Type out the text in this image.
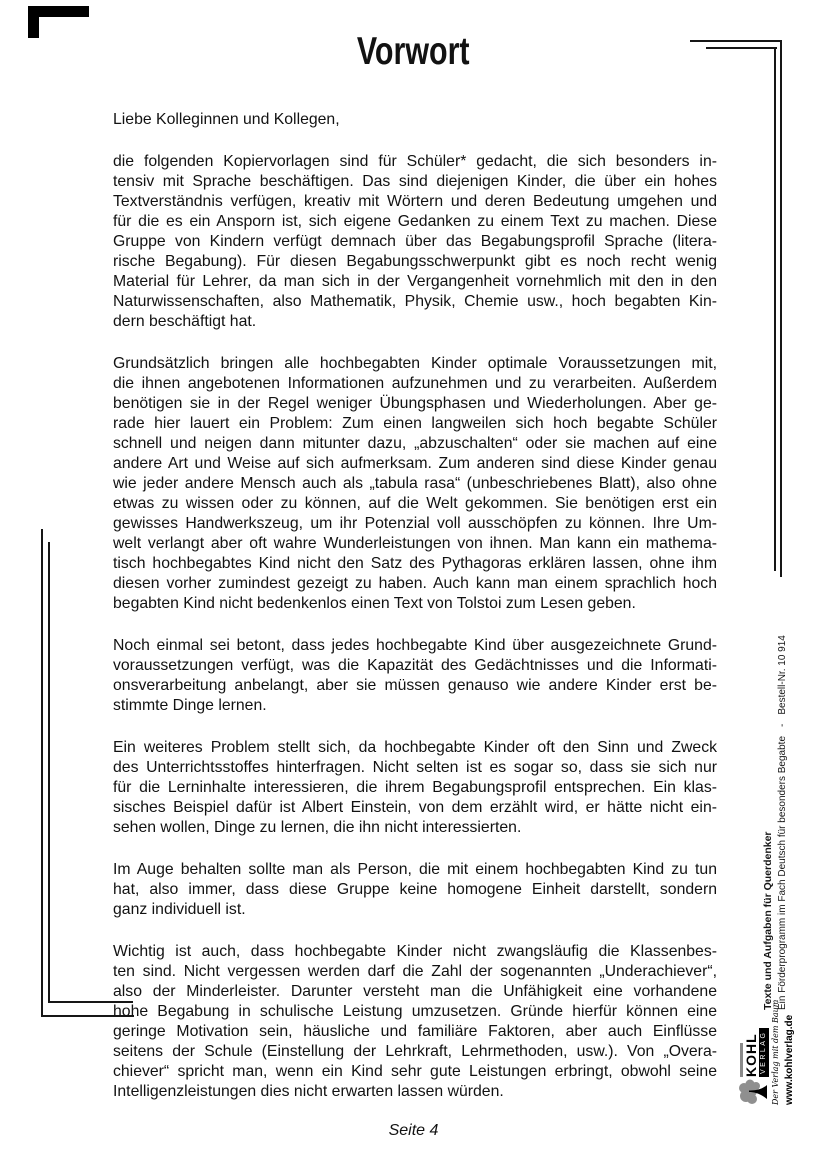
Vorwort
Liebe Kolleginnen und Kollegen,
die folgenden Kopiervorlagen sind für Schüler* gedacht, die sich besonders in-
tensiv mit Sprache beschäftigen. Das sind diejenigen Kinder, die über ein hohes
Textverständnis verfügen, kreativ mit Wörtern und deren Bedeutung umgehen und
für die es ein Ansporn ist, sich eigene Gedanken zu einem Text zu machen. Diese
Gruppe von Kindern verfügt demnach über das Begabungsprofil Sprache (litera-
rische Begabung). Für diesen Begabungsschwerpunkt gibt es noch recht wenig
Material für Lehrer, da man sich in der Vergangenheit vornehmlich mit den in den
Naturwissenschaften, also Mathematik, Physik, Chemie usw., hoch begabten Kin-
dern beschäftigt hat.
Grundsätzlich bringen alle hochbegabten Kinder optimale Voraussetzungen mit,
die ihnen angebotenen Informationen aufzunehmen und zu verarbeiten. Außerdem
benötigen sie in der Regel weniger Übungsphasen und Wiederholungen. Aber ge-
rade hier lauert ein Problem: Zum einen langweilen sich hoch begabte Schüler
schnell und neigen dann mitunter dazu, „abzuschalten“ oder sie machen auf eine
andere Art und Weise auf sich aufmerksam. Zum anderen sind diese Kinder genau
wie jeder andere Mensch auch als „tabula rasa“ (unbeschriebenes Blatt), also ohne
etwas zu wissen oder zu können, auf die Welt gekommen. Sie benötigen erst ein
gewisses Handwerkszeug, um ihr Potenzial voll ausschöpfen zu können. Ihre Um-
welt verlangt aber oft wahre Wunderleistungen von ihnen. Man kann ein mathema-
tisch hochbegabtes Kind nicht den Satz des Pythagoras erklären lassen, ohne ihm
diesen vorher zumindest gezeigt zu haben. Auch kann man einem sprachlich hoch
begabten Kind nicht bedenkenlos einen Text von Tolstoi zum Lesen geben.
Noch einmal sei betont, dass jedes hochbegabte Kind über ausgezeichnete Grund-
voraussetzungen verfügt, was die Kapazität des Gedächtnisses und die Informati-
onsverarbeitung anbelangt, aber sie müssen genauso wie andere Kinder erst be-
stimmte Dinge lernen.
Ein weiteres Problem stellt sich, da hochbegabte Kinder oft den Sinn und Zweck
des Unterrichtsstoffes hinterfragen. Nicht selten ist es sogar so, dass sie sich nur
für die Lerninhalte interessieren, die ihrem Begabungsprofil entsprechen. Ein klas-
sisches Beispiel dafür ist Albert Einstein, von dem erzählt wird, er hätte nicht ein-
sehen wollen, Dinge zu lernen, die ihn nicht interessierten.
Im Auge behalten sollte man als Person, die mit einem hochbegabten Kind zu tun
hat, also immer, dass diese Gruppe keine homogene Einheit darstellt, sondern
ganz individuell ist.
Wichtig ist auch, dass hochbegabte Kinder nicht zwangsläufig die Klassenbes-
ten sind. Nicht vergessen werden darf die Zahl der sogenannten „Underachiever“,
also der Minderleister. Darunter versteht man die Unfähigkeit eine vorhandene
hohe Begabung in schulische Leistung umzusetzen. Gründe hierfür können eine
geringe Motivation sein, häusliche und familiäre Faktoren, aber auch Einflüsse
seitens der Schule (Einstellung der Lehrkraft, Lehrmethoden, usw.). Von „Overa-
chiever“ spricht man, wenn ein Kind sehr gute Leistungen erbringt, obwohl seine
Intelligenzleistungen dies nicht erwarten lassen würden.
Texte und Aufgaben für Querdenker Ein Förderprogramm im Fach Deutsch für besonders Begabte-Bestell-Nr. 10 914
KOHL VERLAG Der Verlag mit dem Baum www.kohlverlag.de
Seite 4
